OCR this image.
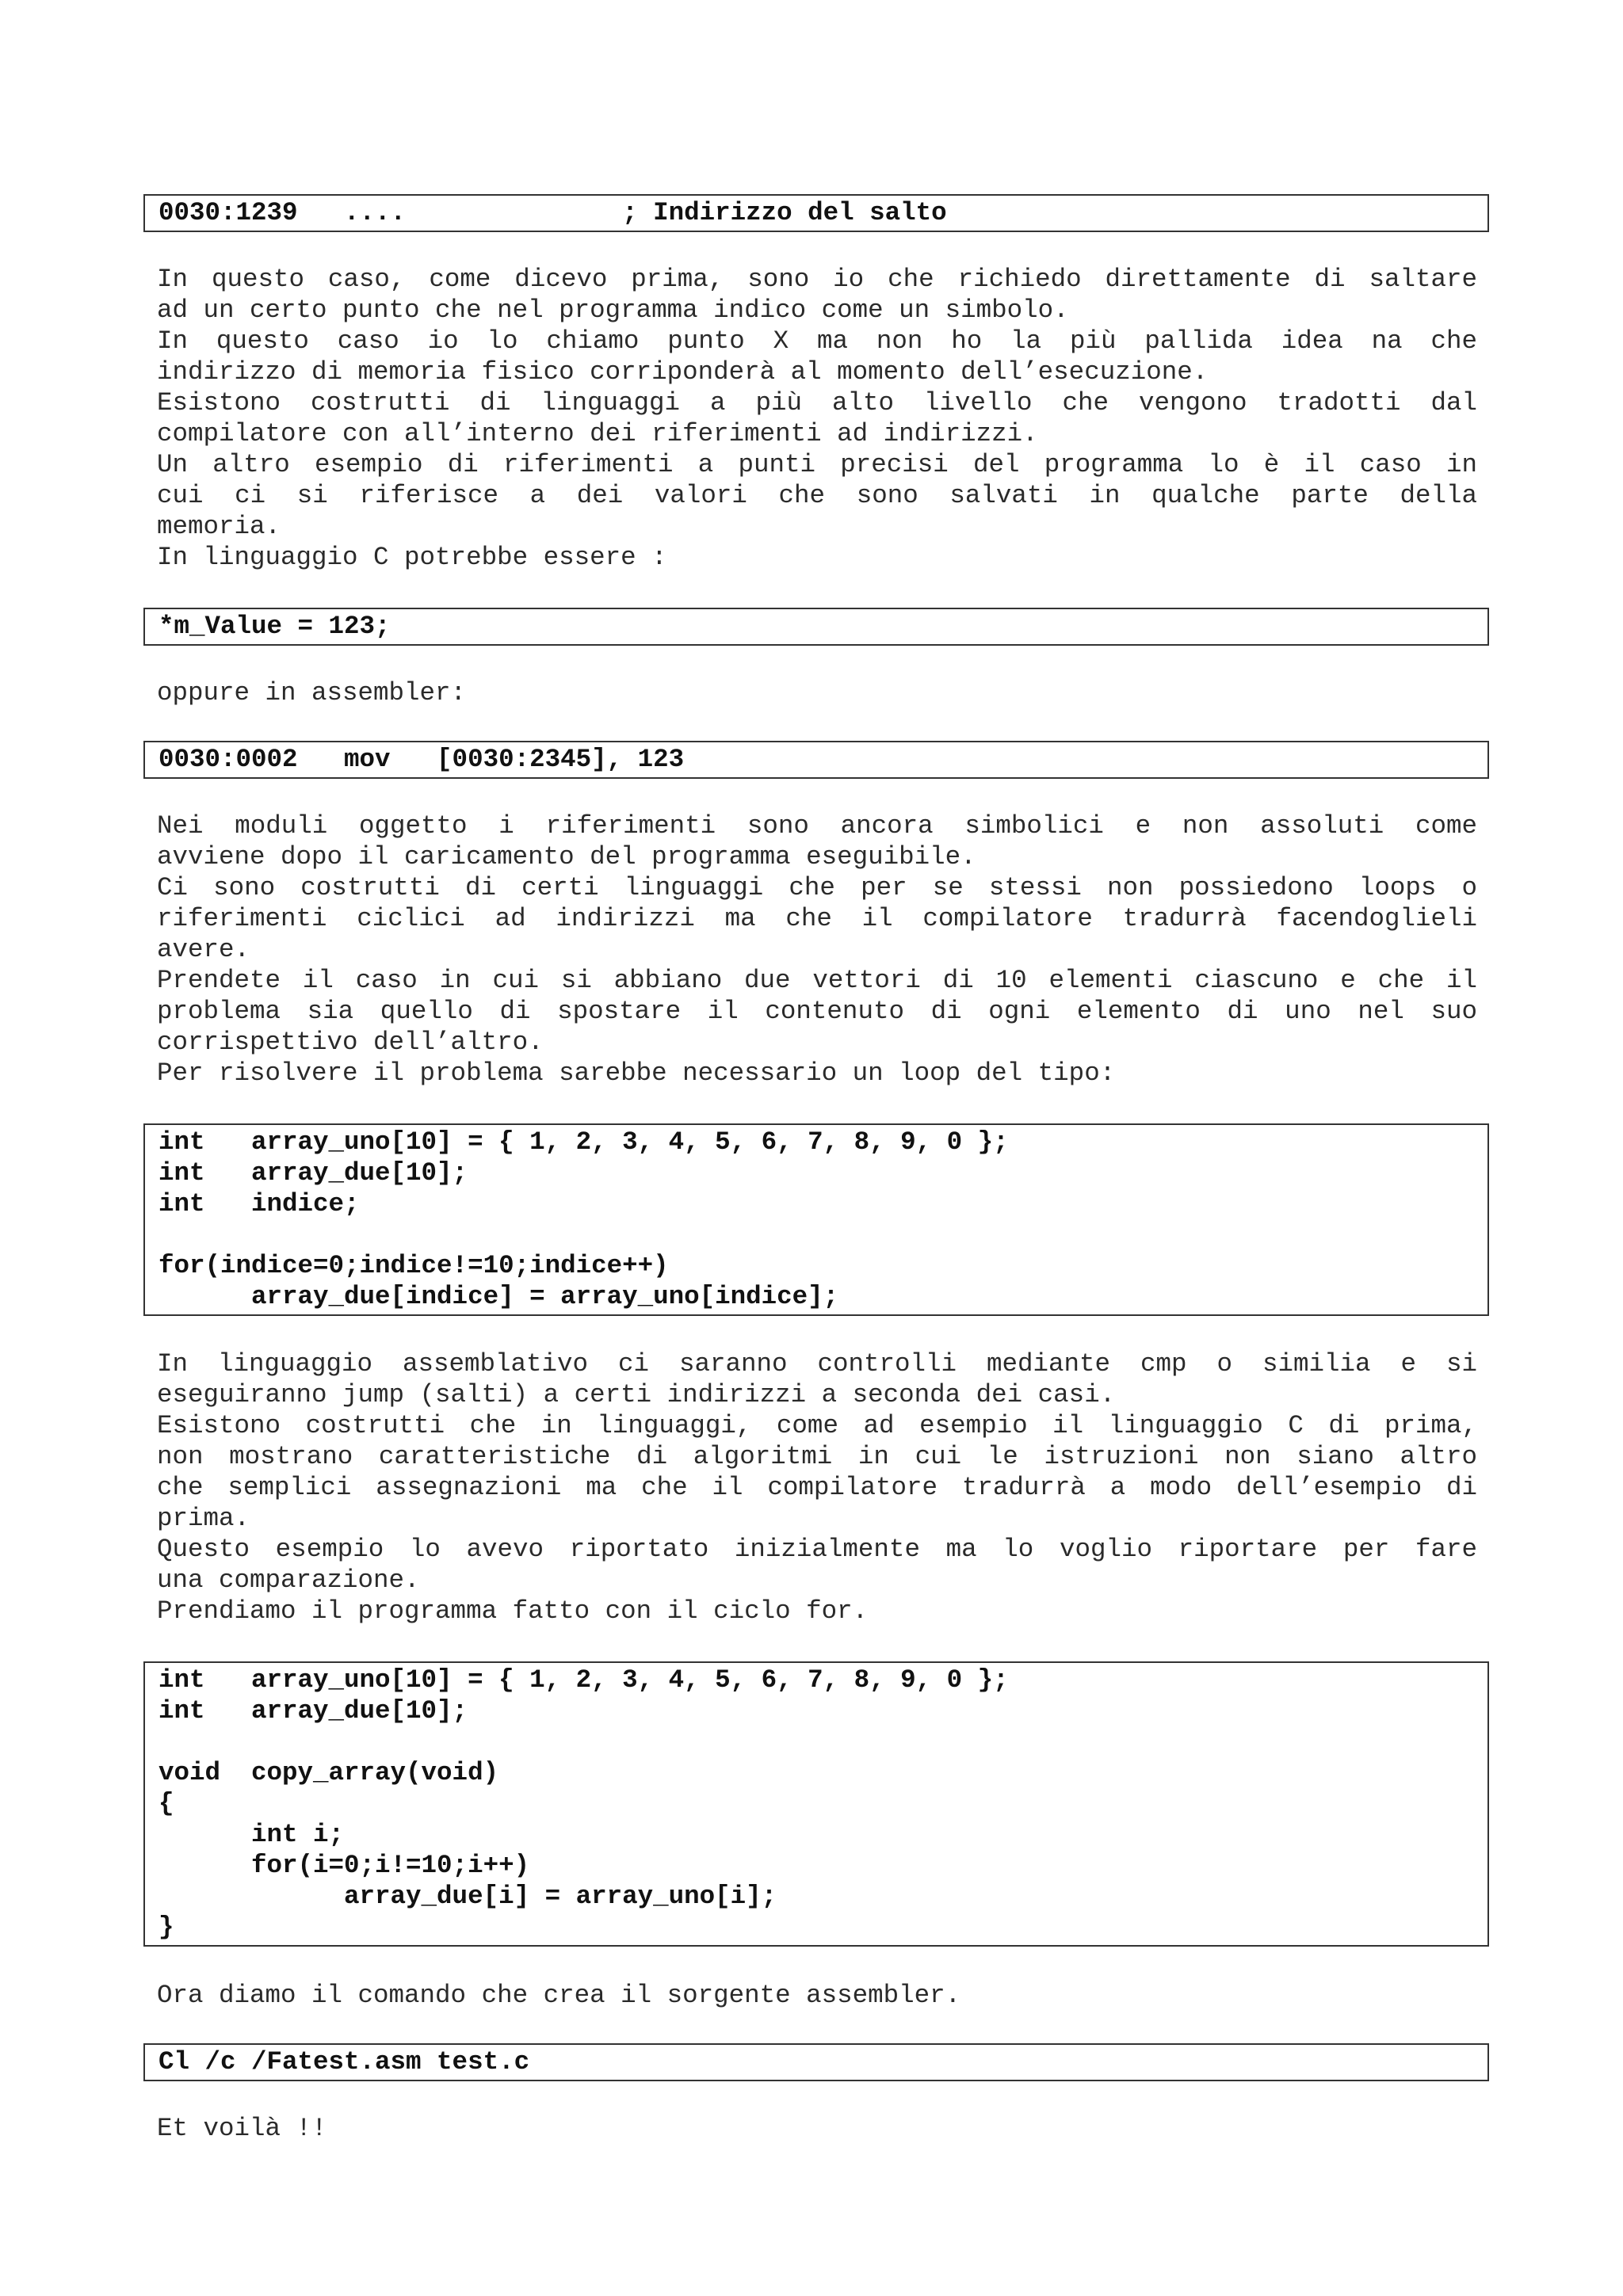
0030:1239   ....              ; Indirizzo del salto
In questo caso, come dicevo prima, sono io che richiedo direttamente di saltare
ad un certo punto che nel programma indico come un simbolo.
In questo caso io lo chiamo punto X ma non ho la più pallida idea na che
indirizzo di memoria fisico corriponderà al momento dell’esecuzione.
Esistono costrutti di linguaggi a più alto livello che vengono tradotti dal
compilatore con all’interno dei riferimenti ad indirizzi.
Un altro esempio di riferimenti a punti precisi del programma lo è il caso in
cui ci si riferisce a dei valori che sono salvati in qualche parte della
memoria.
In linguaggio C potrebbe essere :
*m_Value = 123;
oppure in assembler:
0030:0002   mov   [0030:2345], 123
Nei moduli oggetto i riferimenti sono ancora simbolici e non assoluti come
avviene dopo il caricamento del programma eseguibile.
Ci sono costrutti di certi linguaggi che per se stessi non possiedono loops o
riferimenti ciclici ad indirizzi ma che il compilatore tradurrà facendoglieli
avere.
Prendete il caso in cui si abbiano due vettori di 10 elementi ciascuno e che il
problema sia quello di spostare il contenuto di ogni elemento di uno nel suo
corrispettivo dell’altro.
Per risolvere il problema sarebbe necessario un loop del tipo:
int   array_uno[10] = { 1, 2, 3, 4, 5, 6, 7, 8, 9, 0 };
int   array_due[10];
int   indice;
for(indice=0;indice!=10;indice++)
array_due[indice] = array_uno[indice];
In linguaggio assemblativo ci saranno controlli mediante cmp o similia e si
eseguiranno jump (salti) a certi indirizzi a seconda dei casi.
Esistono costrutti che in linguaggi, come ad esempio il linguaggio C di prima,
non mostrano caratteristiche di algoritmi in cui le istruzioni non siano altro
che semplici assegnazioni ma che il compilatore tradurrà a modo dell’esempio di
prima.
Questo esempio lo avevo riportato inizialmente ma lo voglio riportare per fare
una comparazione.
Prendiamo il programma fatto con il ciclo for.
int   array_uno[10] = { 1, 2, 3, 4, 5, 6, 7, 8, 9, 0 };
int   array_due[10];
void  copy_array(void)
{
int i;
for(i=0;i!=10;i++)
array_due[i] = array_uno[i];
}
Ora diamo il comando che crea il sorgente assembler.
Cl /c /Fatest.asm test.c
Et voilà !!
